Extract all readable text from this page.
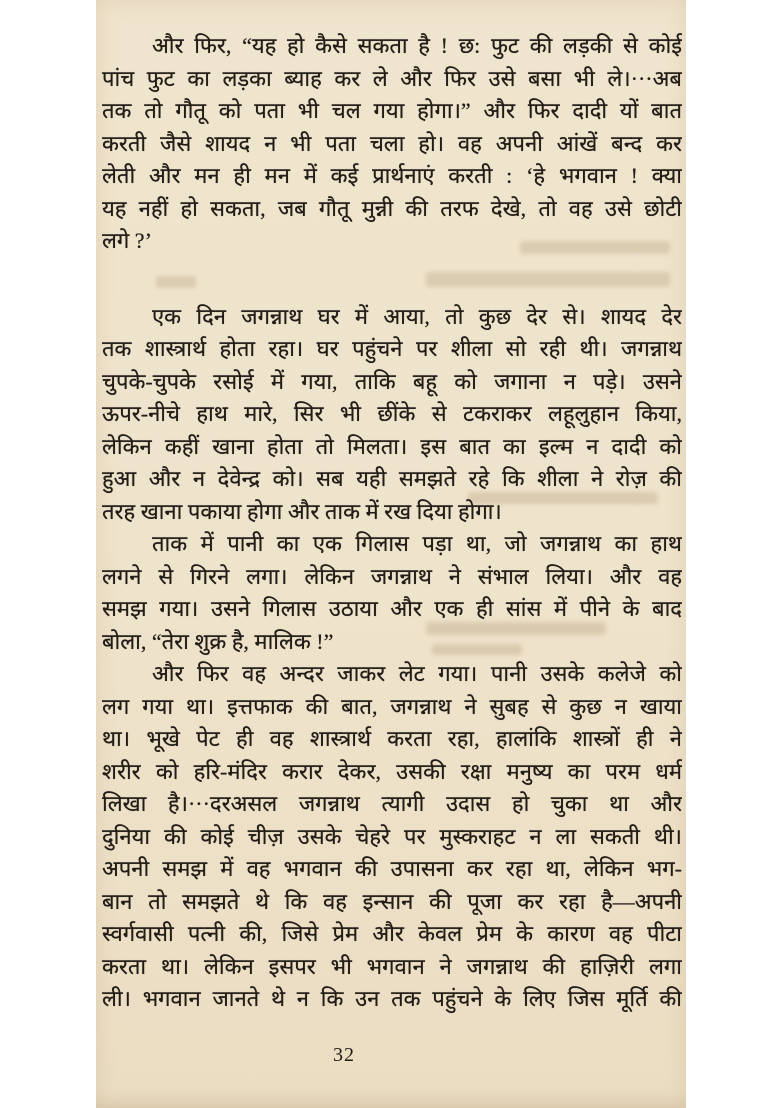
और फिर, “यह हो कैसे सकता है ! छ: फुट की लड़की से कोई
पांच फुट का लड़का ब्याह कर ले और फिर उसे बसा भी ले।···अब
तक तो गौतू को पता भी चल गया होगा।” और फिर दादी यों बात
करती जैसे शायद न भी पता चला हो। वह अपनी आंखें बन्द कर
लेती और मन ही मन में कई प्रार्थनाएं करती : ‘हे भगवान ! क्या
यह नहीं हो सकता, जब गौतू मुन्नी की तरफ देखे, तो वह उसे छोटी
लगे ?’
एक दिन जगन्नाथ घर में आया, तो कुछ देर से। शायद देर
तक शास्त्रार्थ होता रहा। घर पहुंचने पर शीला सो रही थी। जगन्नाथ
चुपके-चुपके रसोई में गया, ताकि बहू को जगाना न पड़े। उसने
ऊपर-नीचे हाथ मारे, सिर भी छींके से टकराकर लहूलुहान किया,
लेकिन कहीं खाना होता तो मिलता। इस बात का इल्म न दादी को
हुआ और न देवेन्द्र को। सब यही समझते रहे कि शीला ने रोज़ की
तरह खाना पकाया होगा और ताक में रख दिया होगा।
ताक में पानी का एक गिलास पड़ा था, जो जगन्नाथ का हाथ
लगने से गिरने लगा। लेकिन जगन्नाथ ने संभाल लिया। और वह
समझ गया। उसने गिलास उठाया और एक ही सांस में पीने के बाद
बोला, “तेरा शुक्र है, मालिक !”
और फिर वह अन्दर जाकर लेट गया। पानी उसके कलेजे को
लग गया था। इत्तफाक की बात, जगन्नाथ ने सुबह से कुछ न खाया
था। भूखे पेट ही वह शास्त्रार्थ करता रहा, हालांकि शास्त्रों ही ने
शरीर को हरि-मंदिर करार देकर, उसकी रक्षा मनुष्य का परम धर्म
लिखा है।···दरअसल जगन्नाथ त्यागी उदास हो चुका था और
दुनिया की कोई चीज़ उसके चेहरे पर मुस्कराहट न ला सकती थी।
अपनी समझ में वह भगवान की उपासना कर रहा था, लेकिन भग-
बान तो समझते थे कि वह इन्सान की पूजा कर रहा है—अपनी
स्वर्गवासी पत्नी की, जिसे प्रेम और केवल प्रेम के कारण वह पीटा
करता था। लेकिन इसपर भी भगवान ने जगन्नाथ की हाज़िरी लगा
ली। भगवान जानते थे न कि उन तक पहुंचने के लिए जिस मूर्ति की
32
